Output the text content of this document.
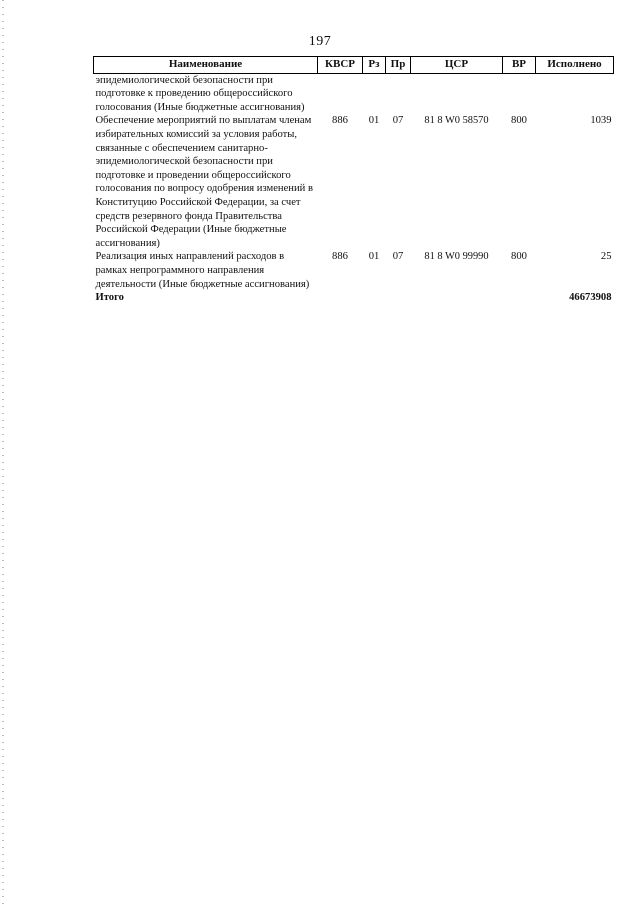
197
Наименование	КВСР	Рз	Пр	ЦСР	ВР	Исполнено
эпидемиологической безопасности при подготовке к проведению общероссийского голосования (Иные бюджетные ассигнования)						
Обеспечение мероприятий по выплатам членам избирательных комиссий за условия работы, связанные с обеспечением санитарно-эпидемиологической безопасности при подготовке и проведении общероссийского голосования по вопросу одобрения изменений в Конституцию Российской Федерации, за счет средств резервного фонда Правительства Российской Федерации (Иные бюджетные ассигнования)	886	01	07	81 8 W0 58570	800	1039
Реализация иных направлений расходов в рамках непрограммного направления деятельности (Иные бюджетные ассигнования)	886	01	07	81 8 W0 99990	800	25
Итого						46673908
